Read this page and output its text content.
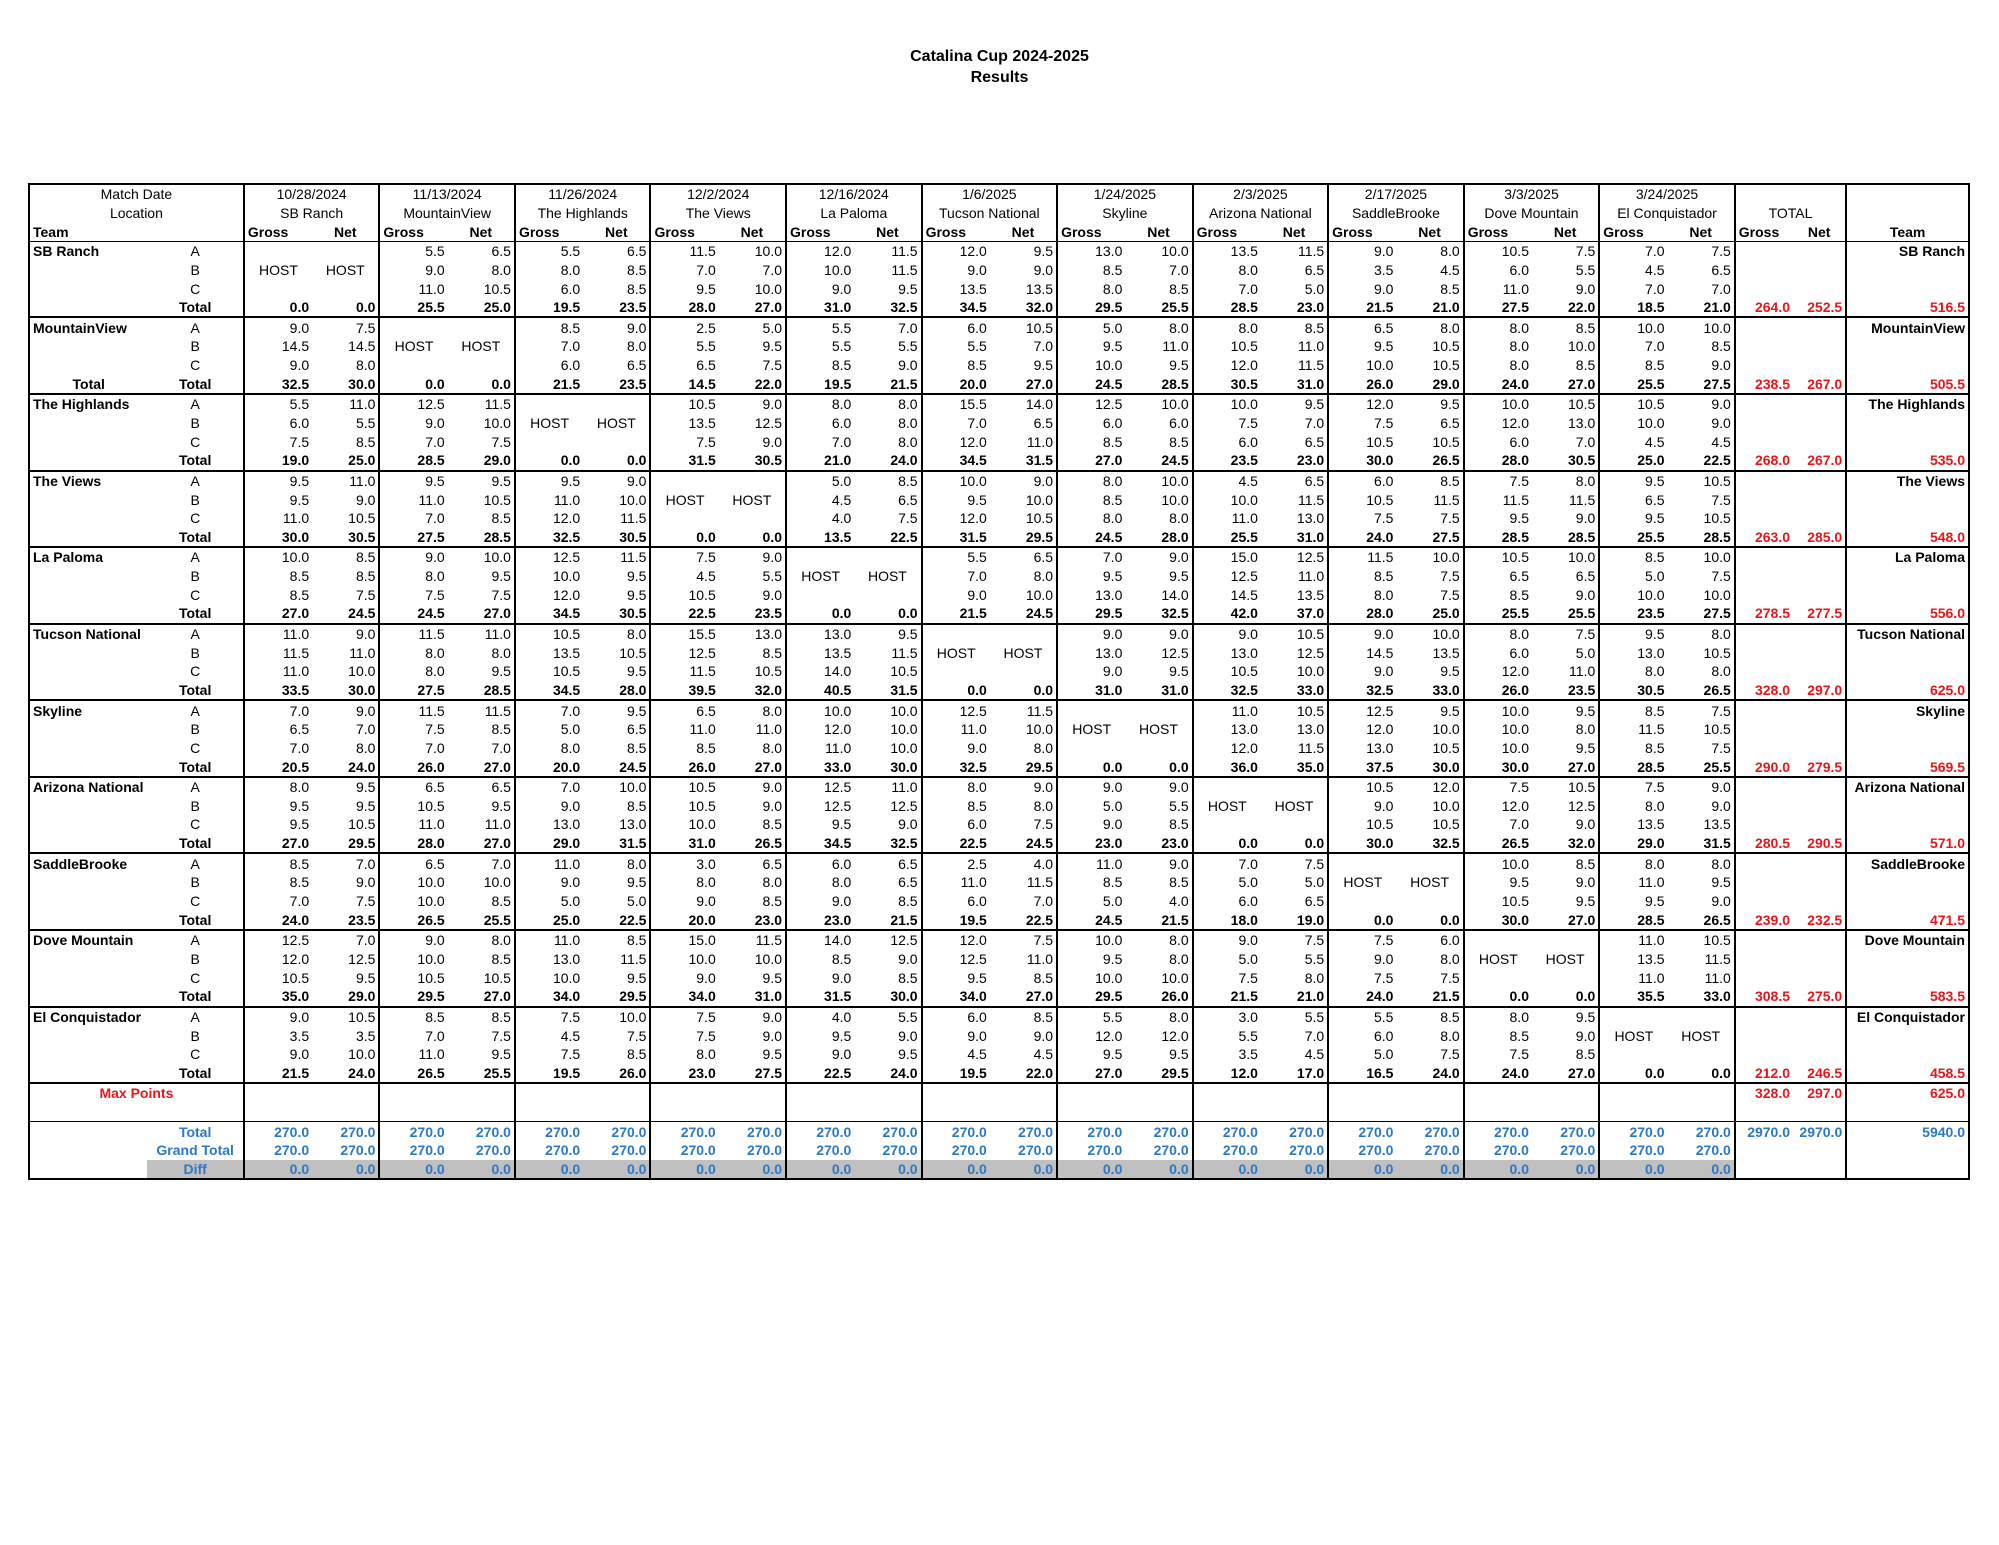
Catalina Cup 2024-2025
Results
Match Date		10/28/2024		11/13/2024		11/26/2024		12/2/2024		12/16/2024		1/6/2025		1/24/2025		2/3/2025		2/17/2025		3/3/2025		3/24/2025				
Location		SB Ranch		MountainView		The Highlands		The Views		La Paloma		Tucson National		Skyline		Arizona National		SaddleBrooke		Dove Mountain		El Conquistador		TOTAL		
Team		Gross	Net	Gross	Net	Gross	Net	Gross	Net	Gross	Net	Gross	Net	Gross	Net	Gross	Net	Gross	Net	Gross	Net	Gross	Net	Gross	Net	Team
SB Ranch	A			5.5	6.5	5.5	6.5	11.5	10.0	12.0	11.5	12.0	9.5	13.0	10.0	13.5	11.5	9.0	8.0	10.5	7.5	7.0	7.5			SB Ranch
	B	HOST	HOST	9.0	8.0	8.0	8.5	7.0	7.0	10.0	11.5	9.0	9.0	8.5	7.0	8.0	6.5	3.5	4.5	6.0	5.5	4.5	6.5			
	C			11.0	10.5	6.0	8.5	9.5	10.0	9.0	9.5	13.5	13.5	8.0	8.5	7.0	5.0	9.0	8.5	11.0	9.0	7.0	7.0			
	Total	0.0	0.0	25.5	25.0	19.5	23.5	28.0	27.0	31.0	32.5	34.5	32.0	29.5	25.5	28.5	23.0	21.5	21.0	27.5	22.0	18.5	21.0	264.0	252.5	516.5
MountainView	A	9.0	7.5			8.5	9.0	2.5	5.0	5.5	7.0	6.0	10.5	5.0	8.0	8.0	8.5	6.5	8.0	8.0	8.5	10.0	10.0			MountainView
	B	14.5	14.5	HOST	HOST	7.0	8.0	5.5	9.5	5.5	5.5	5.5	7.0	9.5	11.0	10.5	11.0	9.5	10.5	8.0	10.0	7.0	8.5			
	C	9.0	8.0			6.0	6.5	6.5	7.5	8.5	9.0	8.5	9.5	10.0	9.5	12.0	11.5	10.0	10.5	8.0	8.5	8.5	9.0			
Total	Total	32.5	30.0	0.0	0.0	21.5	23.5	14.5	22.0	19.5	21.5	20.0	27.0	24.5	28.5	30.5	31.0	26.0	29.0	24.0	27.0	25.5	27.5	238.5	267.0	505.5
The Highlands	A	5.5	11.0	12.5	11.5			10.5	9.0	8.0	8.0	15.5	14.0	12.5	10.0	10.0	9.5	12.0	9.5	10.0	10.5	10.5	9.0			The Highlands
	B	6.0	5.5	9.0	10.0	HOST	HOST	13.5	12.5	6.0	8.0	7.0	6.5	6.0	6.0	7.5	7.0	7.5	6.5	12.0	13.0	10.0	9.0			
	C	7.5	8.5	7.0	7.5			7.5	9.0	7.0	8.0	12.0	11.0	8.5	8.5	6.0	6.5	10.5	10.5	6.0	7.0	4.5	4.5			
	Total	19.0	25.0	28.5	29.0	0.0	0.0	31.5	30.5	21.0	24.0	34.5	31.5	27.0	24.5	23.5	23.0	30.0	26.5	28.0	30.5	25.0	22.5	268.0	267.0	535.0
The Views	A	9.5	11.0	9.5	9.5	9.5	9.0			5.0	8.5	10.0	9.0	8.0	10.0	4.5	6.5	6.0	8.5	7.5	8.0	9.5	10.5			The Views
	B	9.5	9.0	11.0	10.5	11.0	10.0	HOST	HOST	4.5	6.5	9.5	10.0	8.5	10.0	10.0	11.5	10.5	11.5	11.5	11.5	6.5	7.5			
	C	11.0	10.5	7.0	8.5	12.0	11.5			4.0	7.5	12.0	10.5	8.0	8.0	11.0	13.0	7.5	7.5	9.5	9.0	9.5	10.5			
	Total	30.0	30.5	27.5	28.5	32.5	30.5	0.0	0.0	13.5	22.5	31.5	29.5	24.5	28.0	25.5	31.0	24.0	27.5	28.5	28.5	25.5	28.5	263.0	285.0	548.0
La Paloma	A	10.0	8.5	9.0	10.0	12.5	11.5	7.5	9.0			5.5	6.5	7.0	9.0	15.0	12.5	11.5	10.0	10.5	10.0	8.5	10.0			La Paloma
	B	8.5	8.5	8.0	9.5	10.0	9.5	4.5	5.5	HOST	HOST	7.0	8.0	9.5	9.5	12.5	11.0	8.5	7.5	6.5	6.5	5.0	7.5			
	C	8.5	7.5	7.5	7.5	12.0	9.5	10.5	9.0			9.0	10.0	13.0	14.0	14.5	13.5	8.0	7.5	8.5	9.0	10.0	10.0			
	Total	27.0	24.5	24.5	27.0	34.5	30.5	22.5	23.5	0.0	0.0	21.5	24.5	29.5	32.5	42.0	37.0	28.0	25.0	25.5	25.5	23.5	27.5	278.5	277.5	556.0
Tucson National	A	11.0	9.0	11.5	11.0	10.5	8.0	15.5	13.0	13.0	9.5			9.0	9.0	9.0	10.5	9.0	10.0	8.0	7.5	9.5	8.0			Tucson National
	B	11.5	11.0	8.0	8.0	13.5	10.5	12.5	8.5	13.5	11.5	HOST	HOST	13.0	12.5	13.0	12.5	14.5	13.5	6.0	5.0	13.0	10.5			
	C	11.0	10.0	8.0	9.5	10.5	9.5	11.5	10.5	14.0	10.5			9.0	9.5	10.5	10.0	9.0	9.5	12.0	11.0	8.0	8.0			
	Total	33.5	30.0	27.5	28.5	34.5	28.0	39.5	32.0	40.5	31.5	0.0	0.0	31.0	31.0	32.5	33.0	32.5	33.0	26.0	23.5	30.5	26.5	328.0	297.0	625.0
Skyline	A	7.0	9.0	11.5	11.5	7.0	9.5	6.5	8.0	10.0	10.0	12.5	11.5			11.0	10.5	12.5	9.5	10.0	9.5	8.5	7.5			Skyline
	B	6.5	7.0	7.5	8.5	5.0	6.5	11.0	11.0	12.0	10.0	11.0	10.0	HOST	HOST	13.0	13.0	12.0	10.0	10.0	8.0	11.5	10.5			
	C	7.0	8.0	7.0	7.0	8.0	8.5	8.5	8.0	11.0	10.0	9.0	8.0			12.0	11.5	13.0	10.5	10.0	9.5	8.5	7.5			
	Total	20.5	24.0	26.0	27.0	20.0	24.5	26.0	27.0	33.0	30.0	32.5	29.5	0.0	0.0	36.0	35.0	37.5	30.0	30.0	27.0	28.5	25.5	290.0	279.5	569.5
Arizona National	A	8.0	9.5	6.5	6.5	7.0	10.0	10.5	9.0	12.5	11.0	8.0	9.0	9.0	9.0			10.5	12.0	7.5	10.5	7.5	9.0			Arizona National
	B	9.5	9.5	10.5	9.5	9.0	8.5	10.5	9.0	12.5	12.5	8.5	8.0	5.0	5.5	HOST	HOST	9.0	10.0	12.0	12.5	8.0	9.0			
	C	9.5	10.5	11.0	11.0	13.0	13.0	10.0	8.5	9.5	9.0	6.0	7.5	9.0	8.5			10.5	10.5	7.0	9.0	13.5	13.5			
	Total	27.0	29.5	28.0	27.0	29.0	31.5	31.0	26.5	34.5	32.5	22.5	24.5	23.0	23.0	0.0	0.0	30.0	32.5	26.5	32.0	29.0	31.5	280.5	290.5	571.0
SaddleBrooke	A	8.5	7.0	6.5	7.0	11.0	8.0	3.0	6.5	6.0	6.5	2.5	4.0	11.0	9.0	7.0	7.5			10.0	8.5	8.0	8.0			SaddleBrooke
	B	8.5	9.0	10.0	10.0	9.0	9.5	8.0	8.0	8.0	6.5	11.0	11.5	8.5	8.5	5.0	5.0	HOST	HOST	9.5	9.0	11.0	9.5			
	C	7.0	7.5	10.0	8.5	5.0	5.0	9.0	8.5	9.0	8.5	6.0	7.0	5.0	4.0	6.0	6.5			10.5	9.5	9.5	9.0			
	Total	24.0	23.5	26.5	25.5	25.0	22.5	20.0	23.0	23.0	21.5	19.5	22.5	24.5	21.5	18.0	19.0	0.0	0.0	30.0	27.0	28.5	26.5	239.0	232.5	471.5
Dove Mountain	A	12.5	7.0	9.0	8.0	11.0	8.5	15.0	11.5	14.0	12.5	12.0	7.5	10.0	8.0	9.0	7.5	7.5	6.0			11.0	10.5			Dove Mountain
	B	12.0	12.5	10.0	8.5	13.0	11.5	10.0	10.0	8.5	9.0	12.5	11.0	9.5	8.0	5.0	5.5	9.0	8.0	HOST	HOST	13.5	11.5			
	C	10.5	9.5	10.5	10.5	10.0	9.5	9.0	9.5	9.0	8.5	9.5	8.5	10.0	10.0	7.5	8.0	7.5	7.5			11.0	11.0			
	Total	35.0	29.0	29.5	27.0	34.0	29.5	34.0	31.0	31.5	30.0	34.0	27.0	29.5	26.0	21.5	21.0	24.0	21.5	0.0	0.0	35.5	33.0	308.5	275.0	583.5
El Conquistador	A	9.0	10.5	8.5	8.5	7.5	10.0	7.5	9.0	4.0	5.5	6.0	8.5	5.5	8.0	3.0	5.5	5.5	8.5	8.0	9.5					El Conquistador
	B	3.5	3.5	7.0	7.5	4.5	7.5	7.5	9.0	9.5	9.0	9.0	9.0	12.0	12.0	5.5	7.0	6.0	8.0	8.5	9.0	HOST	HOST			
	C	9.0	10.0	11.0	9.5	7.5	8.5	8.0	9.5	9.0	9.5	4.5	4.5	9.5	9.5	3.5	4.5	5.0	7.5	7.5	8.5					
	Total	21.5	24.0	26.5	25.5	19.5	26.0	23.0	27.5	22.5	24.0	19.5	22.0	27.0	29.5	12.0	17.0	16.5	24.0	24.0	27.0	0.0	0.0	212.0	246.5	458.5
Max Points																								328.0	297.0	625.0

	Total	270.0	270.0	270.0	270.0	270.0	270.0	270.0	270.0	270.0	270.0	270.0	270.0	270.0	270.0	270.0	270.0	270.0	270.0	270.0	270.0	270.0	270.0	2970.0	2970.0	5940.0
	Grand Total	270.0	270.0	270.0	270.0	270.0	270.0	270.0	270.0	270.0	270.0	270.0	270.0	270.0	270.0	270.0	270.0	270.0	270.0	270.0	270.0	270.0	270.0			
	Diff	0.0	0.0	0.0	0.0	0.0	0.0	0.0	0.0	0.0	0.0	0.0	0.0	0.0	0.0	0.0	0.0	0.0	0.0	0.0	0.0	0.0	0.0			
